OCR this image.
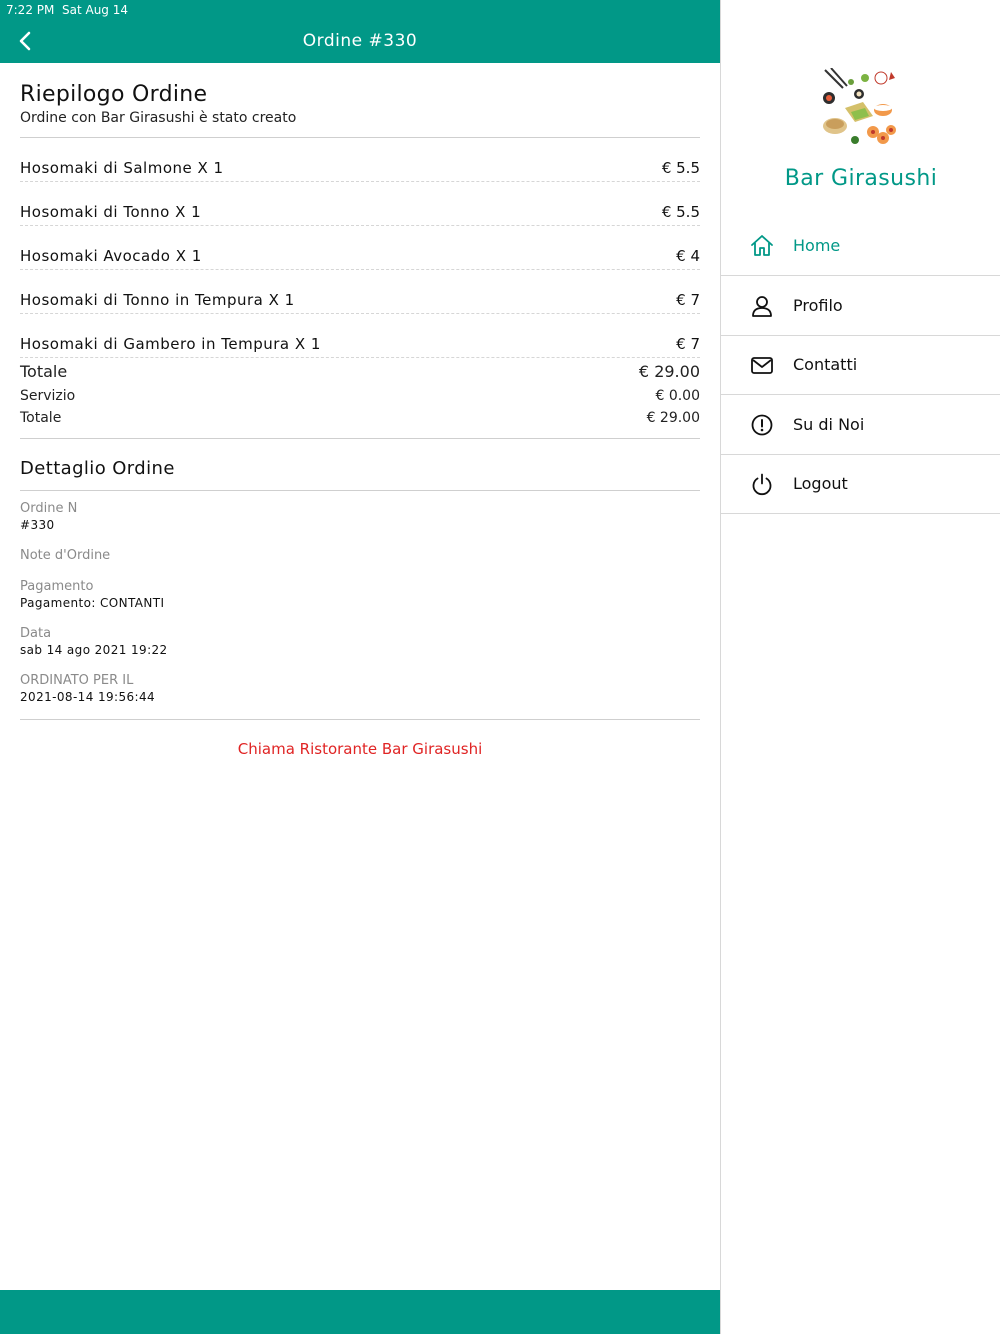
7:22 PM Sat Aug 14
Ordine #330
Riepilogo Ordine
Ordine con Bar Girasushi è stato creato
Hosomaki di Salmone X 1	€ 5.5
Hosomaki di Tonno X 1	€ 5.5
Hosomaki Avocado X 1	€ 4
Hosomaki di Tonno in Tempura X 1	€ 7
Hosomaki di Gambero in Tempura X 1	€ 7
Totale	€ 29.00
Servizio	€ 0.00
Totale	€ 29.00
Dettaglio Ordine
Ordine N
#330
Note d'Ordine
Pagamento
Pagamento: CONTANTI
Data
sab 14 ago 2021 19:22
ORDINATO PER IL
2021-08-14 19:56:44
Chiama Ristorante Bar Girasushi
Bar Girasushi
Home
Profilo
Contatti
Su di Noi
Logout
